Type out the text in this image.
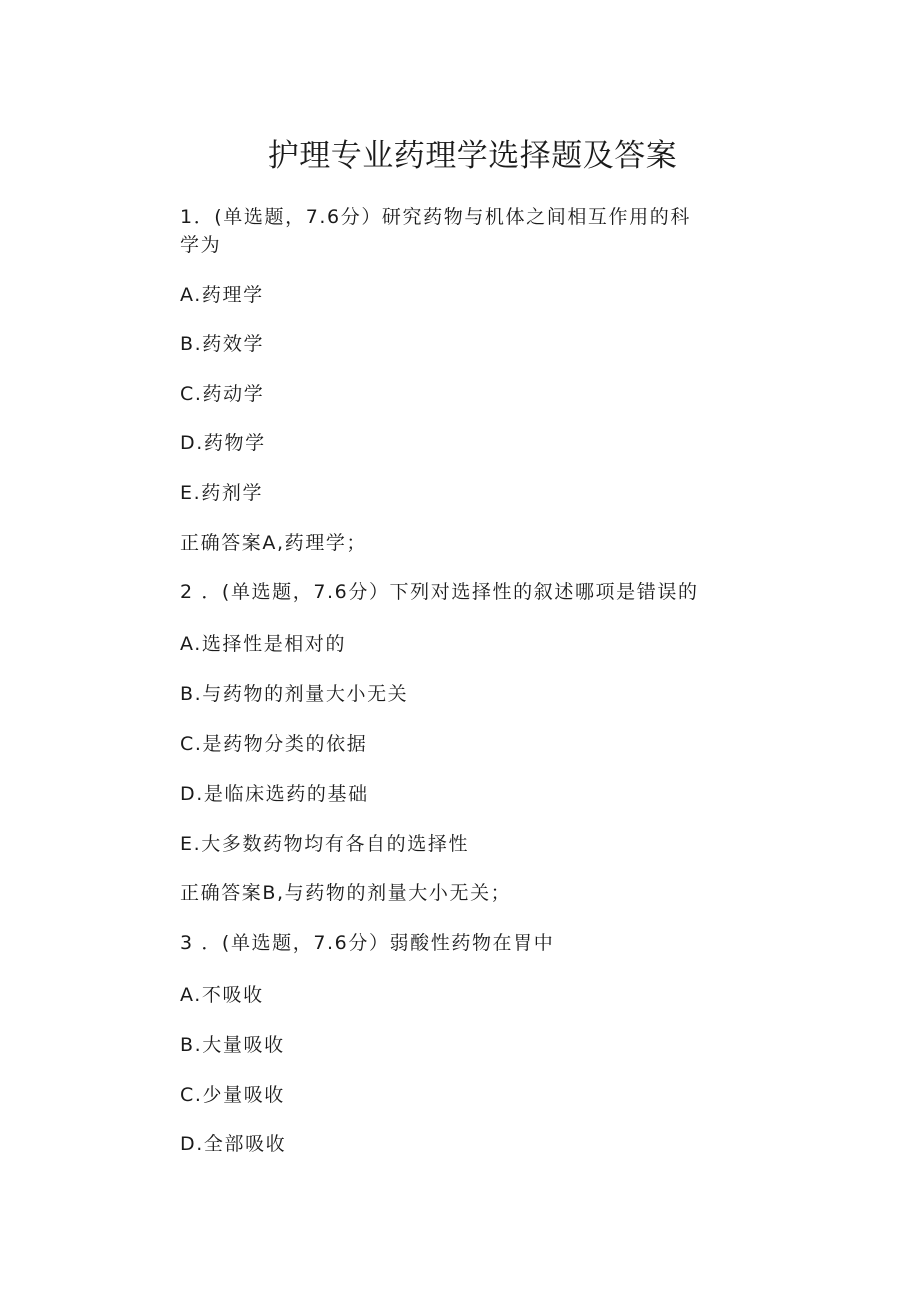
护理专业药理学选择题及答案

1．(单选题，7.6分）研究药物与机体之间相互作用的科

学为

A.药理学

B.药效学

C.药动学

D.药物学

E.药剂学

正确答案A,药理学；

2 ．(单选题，7.6分）下列对选择性的叙述哪项是错误的

A.选择性是相对的

B.与药物的剂量大小无关

C.是药物分类的依据

D.是临床选药的基础

E.大多数药物均有各自的选择性

正确答案B,与药物的剂量大小无关；

3 ．(单选题，7.6分）弱酸性药物在胃中

A.不吸收

B.大量吸收

C.少量吸收

D.全部吸收
